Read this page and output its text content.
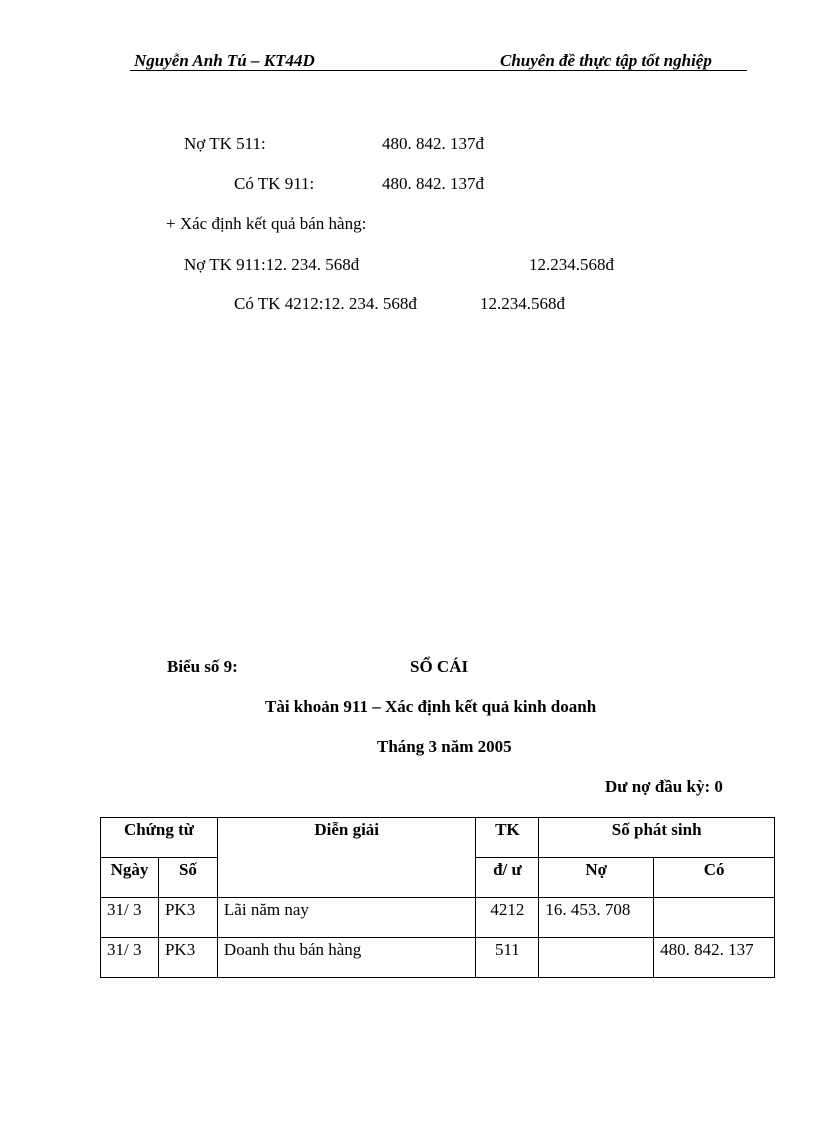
Nguyễn Anh Tú – KT44D	Chuyên đề thực tập tốt nghiệp
Nợ TK 511:	480. 842. 137đ
Có TK 911:	480. 842. 137đ
+ Xác định kết quả bán hàng:
Nợ TK 911:12. 234. 568đ	12.234.568đ
Có TK 4212:12. 234. 568đ	12.234.568đ
Biểu số 9:	SỔ CÁI
Tài khoản 911 – Xác định kết quả kinh doanh
Tháng 3 năm 2005
Dư nợ đầu kỳ: 0
Chứng từ		Diễn giải	TK	Số phát sinh	
Ngày	Số		đ/ ư	Nợ	Có
31/ 3	PK3	Lãi năm nay	4212	16. 453. 708	
31/ 3	PK3	Doanh thu bán hàng	511		480. 842. 137
